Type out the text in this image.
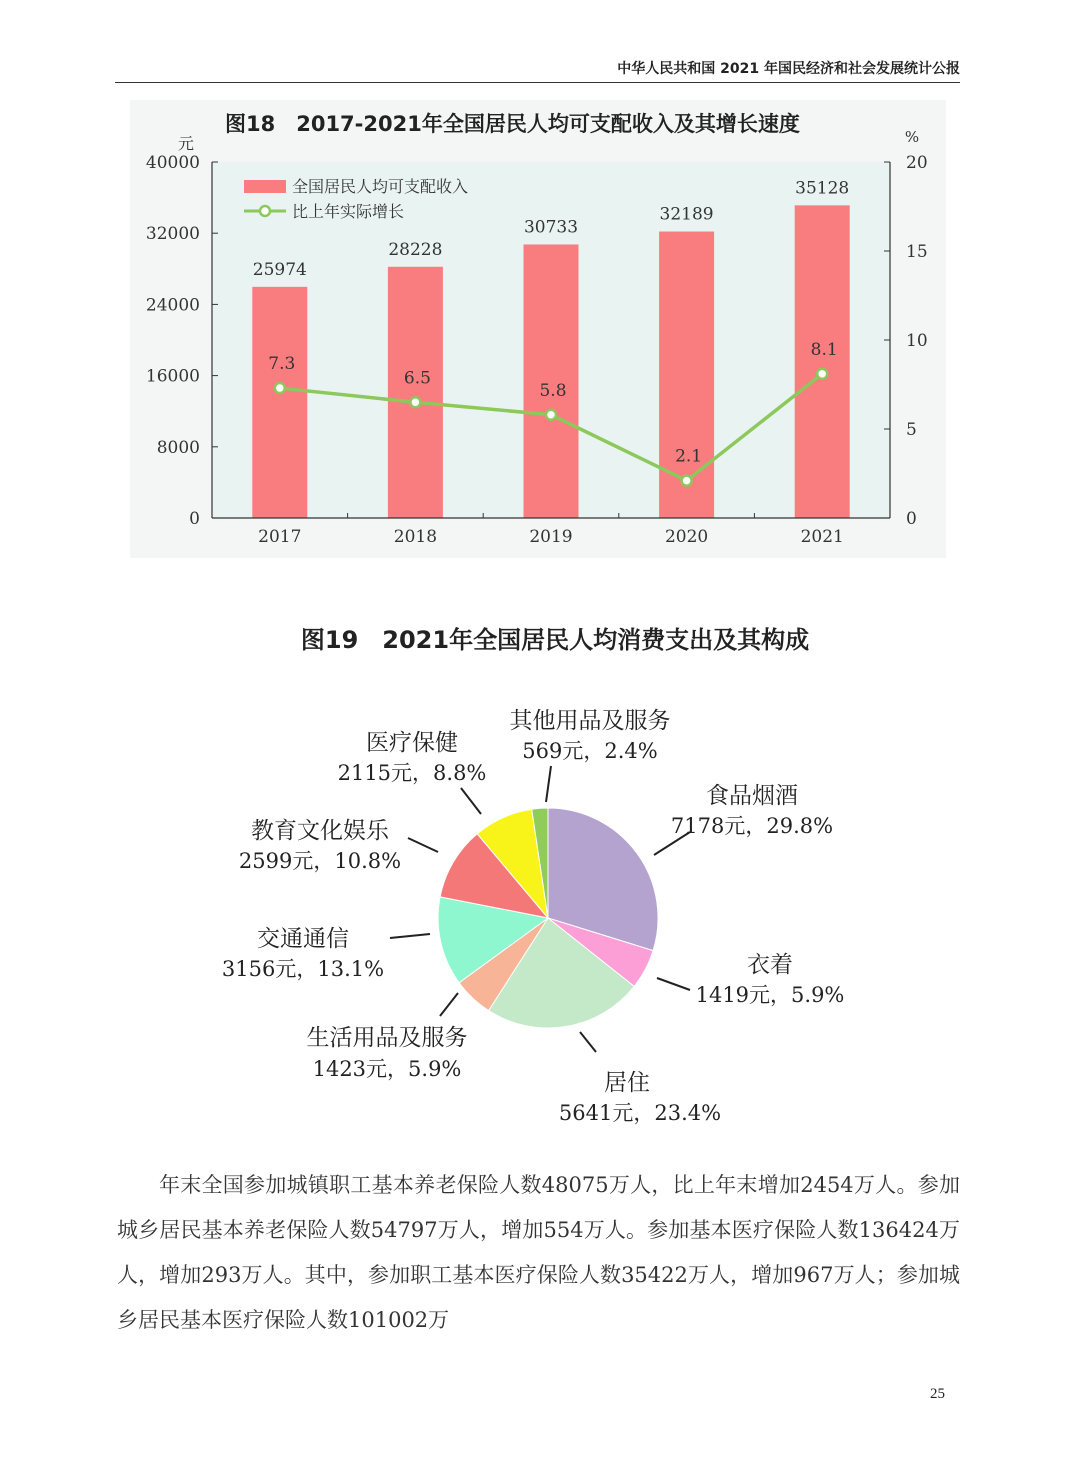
中华人民共和国 2021 年国民经济和社会发展统计公报
图18　2017-2021年全国居民人均可支配收入及其增长速度
元	%
25974
28228
30733
32189
35128
7.3
6.5
5.8
2.1
8.1
0
8000
16000
24000
32000
40000
0
5
10
15
20
2017	2018	2019	2020	2021
全国居民人均可支配收入
比上年实际增长
图19　2021年全国居民人均消费支出及其构成
食品烟酒
7178元，29.8%
衣着
1419元，5.9%
居住
5641元，23.4%
生活用品及服务
1423元，5.9%
交通通信
3156元，13.1%
教育文化娱乐
2599元，10.8%
医疗保健
2115元，8.8%
其他用品及服务
569元，2.4%

年末全国参加城镇职工基本养老保险人数48075万人，比上年末增加2454万人。参加城乡居民基本养老保险人数54797万人，增加554万人。参加基本医疗保险人数136424万人，增加293万人。其中，参加职工基本医疗保险人数35422万人，增加967万人；参加城乡居民基本医疗保险人数101002万

25
